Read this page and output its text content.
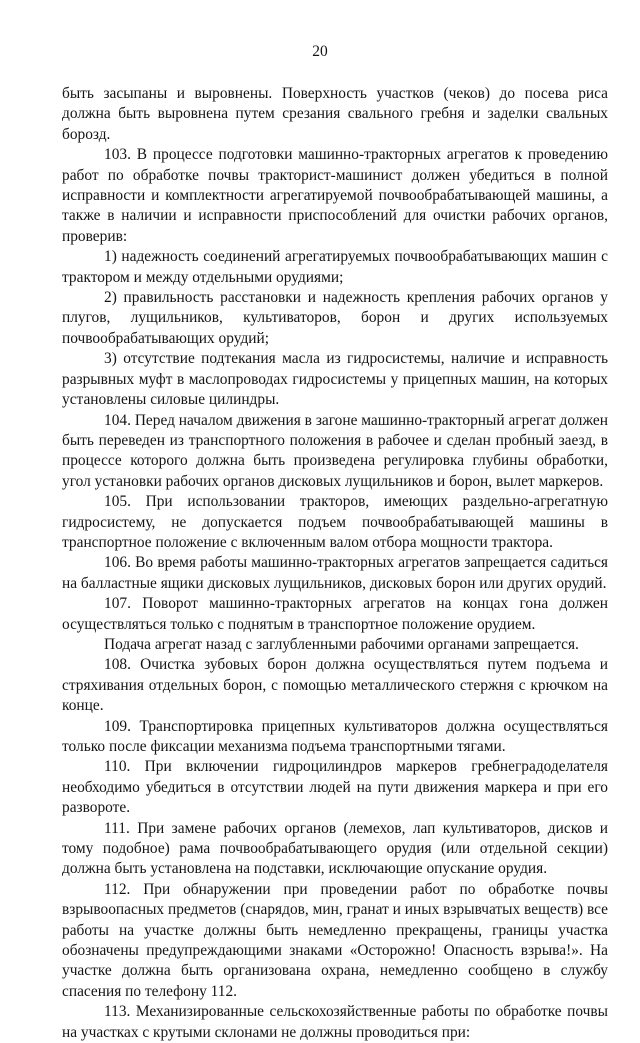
20

быть засыпаны и выровнены. Поверхность участков (чеков) до посева риса должна быть выровнена путем срезания свального гребня и заделки свальных борозд.

103. В процессе подготовки машинно-тракторных агрегатов к проведению работ по обработке почвы тракторист-машинист должен убедиться в полной исправности и комплектности агрегатируемой почвообрабатывающей машины, а также в наличии и исправности приспособлений для очистки рабочих органов, проверив:

1) надежность соединений агрегатируемых почвообрабатывающих машин с трактором и между отдельными орудиями;

2) правильность расстановки и надежность крепления рабочих органов у плугов, лущильников, культиваторов, борон и других используемых почвообрабатывающих орудий;

3) отсутствие подтекания масла из гидросистемы, наличие и исправность разрывных муфт в маслопроводах гидросистемы у прицепных машин, на которых установлены силовые цилиндры.

104. Перед началом движения в загоне машинно-тракторный агрегат должен быть переведен из транспортного положения в рабочее и сделан пробный заезд, в процессе которого должна быть произведена регулировка глубины обработки, угол установки рабочих органов дисковых лущильников и борон, вылет маркеров.

105. При использовании тракторов, имеющих раздельно-агрегатную гидросистему, не допускается подъем почвообрабатывающей машины в транспортное положение с включенным валом отбора мощности трактора.

106. Во время работы машинно-тракторных агрегатов запрещается садиться на балластные ящики дисковых лущильников, дисковых борон или других орудий.

107. Поворот машинно-тракторных агрегатов на концах гона должен осуществляться только с поднятым в транспортное положение орудием.

Подача агрегат назад с заглубленными рабочими органами запрещается.

108. Очистка зубовых борон должна осуществляться путем подъема и стряхивания отдельных борон, с помощью металлического стержня с крючком на конце.

109. Транспортировка прицепных культиваторов должна осуществляться только после фиксации механизма подъема транспортными тягами.

110. При включении гидроцилиндров маркеров гребнеградоделателя необходимо убедиться в отсутствии людей на пути движения маркера и при его развороте.

111. При замене рабочих органов (лемехов, лап культиваторов, дисков и тому подобное) рама почвообрабатывающего орудия (или отдельной секции) должна быть установлена на подставки, исключающие опускание орудия.

112. При обнаружении при проведении работ по обработке почвы взрывоопасных предметов (снарядов, мин, гранат и иных взрывчатых веществ) все работы на участке должны быть немедленно прекращены, границы участка обозначены предупреждающими знаками «Осторожно! Опасность взрыва!». На участке должна быть организована охрана, немедленно сообщено в службу спасения по телефону 112.

113. Механизированные сельскохозяйственные работы по обработке почвы на участках с крутыми склонами не должны проводиться при:
